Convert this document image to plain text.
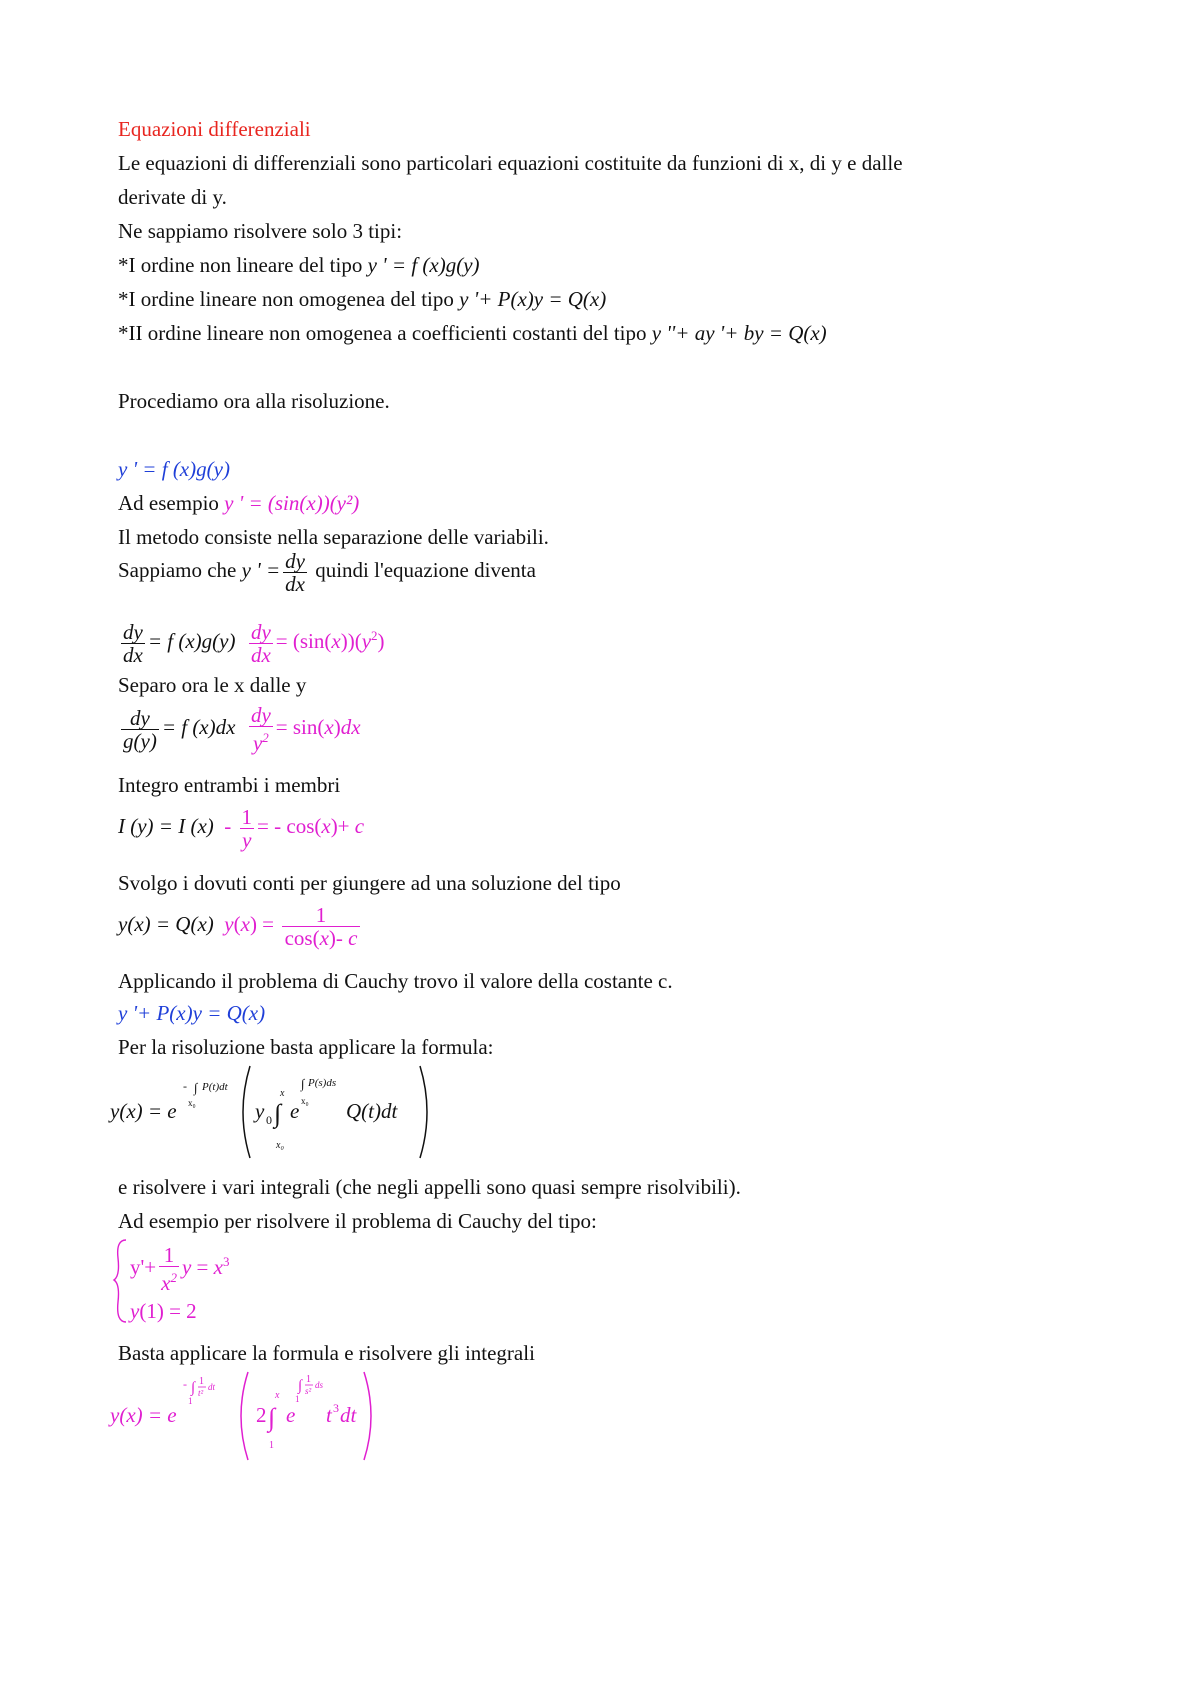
Equazioni differenziali
Le equazioni di differenziali sono particolari equazioni costituite da funzioni di x, di y e dalle
derivate di y.
Ne sappiamo risolvere solo 3 tipi:
*I ordine non lineare del tipo y ' = f (x)g(y)
*I ordine lineare non omogenea del tipo y '+ P(x)y = Q(x)
*II ordine lineare non omogenea a coefficienti costanti del tipo y ''+ ay '+ by = Q(x)
Procediamo ora alla risoluzione.
y ' = f (x)g(y)
Ad esempio y ' = (sin(x))(y²)
Il metodo consiste nella separazione delle variabili.
Sappiamo che y ' = $\frac{dy}{dx}$ quindi l'equazione diventa
$\frac{dy}{dx} = f$ $(x)g(y) \frac{dy}{dx} = (\sin(x))(y^2)$
Separo ora le x dalle y
$\frac{dy}{g(y)} = f$ $(x)dx \frac{dy}{y^2} = \sin(x)dx$
Integro entrambi i membri
I (y) = I $(x) - \frac{1}{y}$ = - cos(x)+ c
Svolgo i dovuti conti per giungere ad una soluzione del tipo
y(x) = Q(x) $y(x) = \frac{1}{\cos(x)- c}$
Applicando il problema di Cauchy trovo il valore della costante c.
y '+ P(x)y = Q(x)
Per la risoluzione basta applicare la formula:
y(x) = e
- ∫ P(t)dt
x₀	y 0 ∫
x
x₀
e
∫ P(s)ds
x₀ Q(t)dt
e risolvere i vari integrali (che negli appelli sono quasi sempre risolvibili).
Ad esempio per risolvere il problema di Cauchy del tipo:
$y'+ \frac{1}{x^2}$ $y = x^3$
y(1) = 2
Basta applicare la formula e risolvere gli integrali
y(x) = e
- ∫ 1
t²
dt
1
2 ∫
x
1
e
∫ 1
s²
ds
1
t 3 dt
